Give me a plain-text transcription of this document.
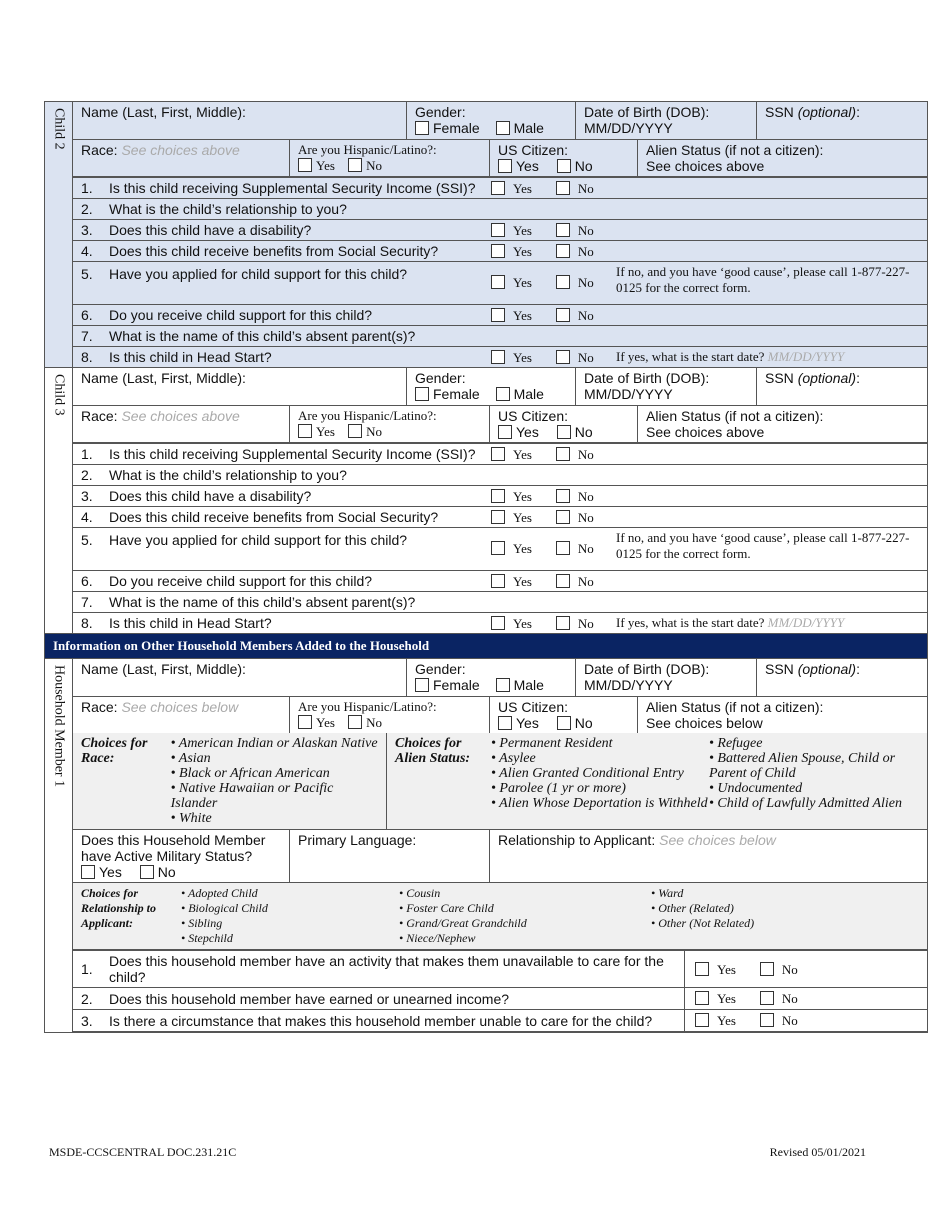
Child 2	Name (Last, First, Middle):	Gender:
Female Male
Date of Birth (DOB):
MM/DD/YYYY
SSN (optional):
Race: See choices above	Are you Hispanic/Latino?:
Yes No
US Citizen:
Yes	No
Alien Status (if not a citizen):
See choices above
1. Is this child receiving Supplemental Security Income (SSI)?	Yes	No
2. What is the child’s relationship to you?
3. Does this child have a disability?	Yes	No
4. Does this child receive benefits from Social Security?	Yes	No
5. Have you applied for child support for this child?
Yes	No
If no, and you have ‘good cause’, please call 1-877-227-0125 for the correct form.
6. Do you receive child support for this child?	Yes	No
7. What is the name of this child’s absent parent(s)?
8. Is this child in Head Start?	Yes	No	If yes, what is the start date? MM/DD/YYYY
Child 3	Name (Last, First, Middle):	Gender:
Female Male
Date of Birth (DOB):
MM/DD/YYYY
SSN (optional):
Race: See choices above	Are you Hispanic/Latino?:
Yes No
US Citizen:
Yes	No
Alien Status (if not a citizen):
See choices above
1. Is this child receiving Supplemental Security Income (SSI)?	Yes	No
2. What is the child’s relationship to you?
3. Does this child have a disability?	Yes	No
4. Does this child receive benefits from Social Security?	Yes	No
5. Have you applied for child support for this child?
Yes	No
If no, and you have ‘good cause’, please call 1-877-227-0125 for the correct form.
6. Do you receive child support for this child?	Yes	No
7. What is the name of this child’s absent parent(s)?
8. Is this child in Head Start?	Yes	No	If yes, what is the start date? MM/DD/YYYY
Information on Other Household Members Added to the Household
Household Member 1	Name (Last, First, Middle):	Gender:
Female Male
Date of Birth (DOB):
MM/DD/YYYY
SSN (optional):
Race: See choices below	Are you Hispanic/Latino?:
Yes No
US Citizen:
Yes	No
Alien Status (if not a citizen):
See choices below
Choices for Race:
• American Indian or Alaskan Native
• Asian
• Black or African American
• Native Hawaiian or Pacific Islander
• White
Choices for Alien Status:
• Permanent Resident
• Asylee
• Alien Granted Conditional Entry
• Parolee (1 yr or more)
• Alien Whose Deportation is Withheld
• Refugee
• Battered Alien Spouse, Child or Parent of Child
• Undocumented
• Child of Lawfully Admitted Alien
Does this Household Member have Active Military Status?
Yes	No
Primary Language:	Relationship to Applicant: See choices below
Choices for Relationship to Applicant:
• Adopted Child
• Biological Child
• Sibling
• Stepchild
• Cousin
• Foster Care Child
• Grand/Great Grandchild
• Niece/Nephew
• Ward
• Other (Related)
• Other (Not Related)
1.	Does this household member have an activity that makes them unavailable to care for the child?	Yes	No
2.	Does this household member have earned or unearned income?	Yes	No
3.	Is there a circumstance that makes this household member unable to care for the child?	Yes	No
MSDE-CCSCENTRAL DOC.231.21C	Revised 05/01/2021
